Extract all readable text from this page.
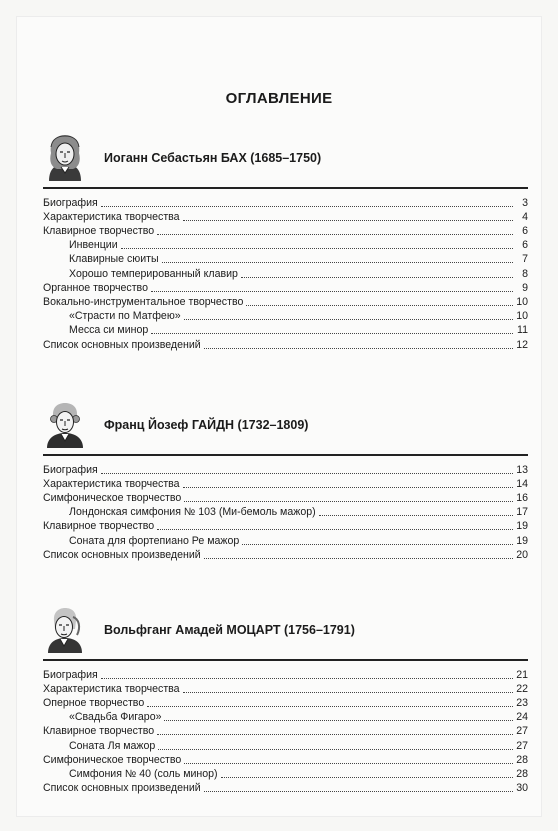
ОГЛАВЛЕНИЕ
Иоганн Себастьян БАХ (1685–1750)
Биография	3
Характеристика творчества	4
Клавирное творчество	6
Инвенции	6
Клавирные сюиты	7
Хорошо темперированный клавир	8
Органное творчество	9
Вокально-инструментальное творчество	10
«Страсти по Матфею»	10
Месса си минор	11
Список основных произведений	12
Франц Йозеф ГАЙДН (1732–1809)
Биография	13
Характеристика творчества	14
Симфоническое творчество	16
Лондонская симфония № 103 (Ми-бемоль мажор)	17
Клавирное творчество	19
Соната для фортепиано Ре мажор	19
Список основных произведений	20
Вольфганг Амадей МОЦАРТ (1756–1791)
Биография	21
Характеристика творчества	22
Оперное творчество	23
«Свадьба Фигаро»	24
Клавирное творчество	27
Соната Ля мажор	27
Симфоническое творчество	28
Симфония № 40 (соль минор)	28
Список основных произведений	30
